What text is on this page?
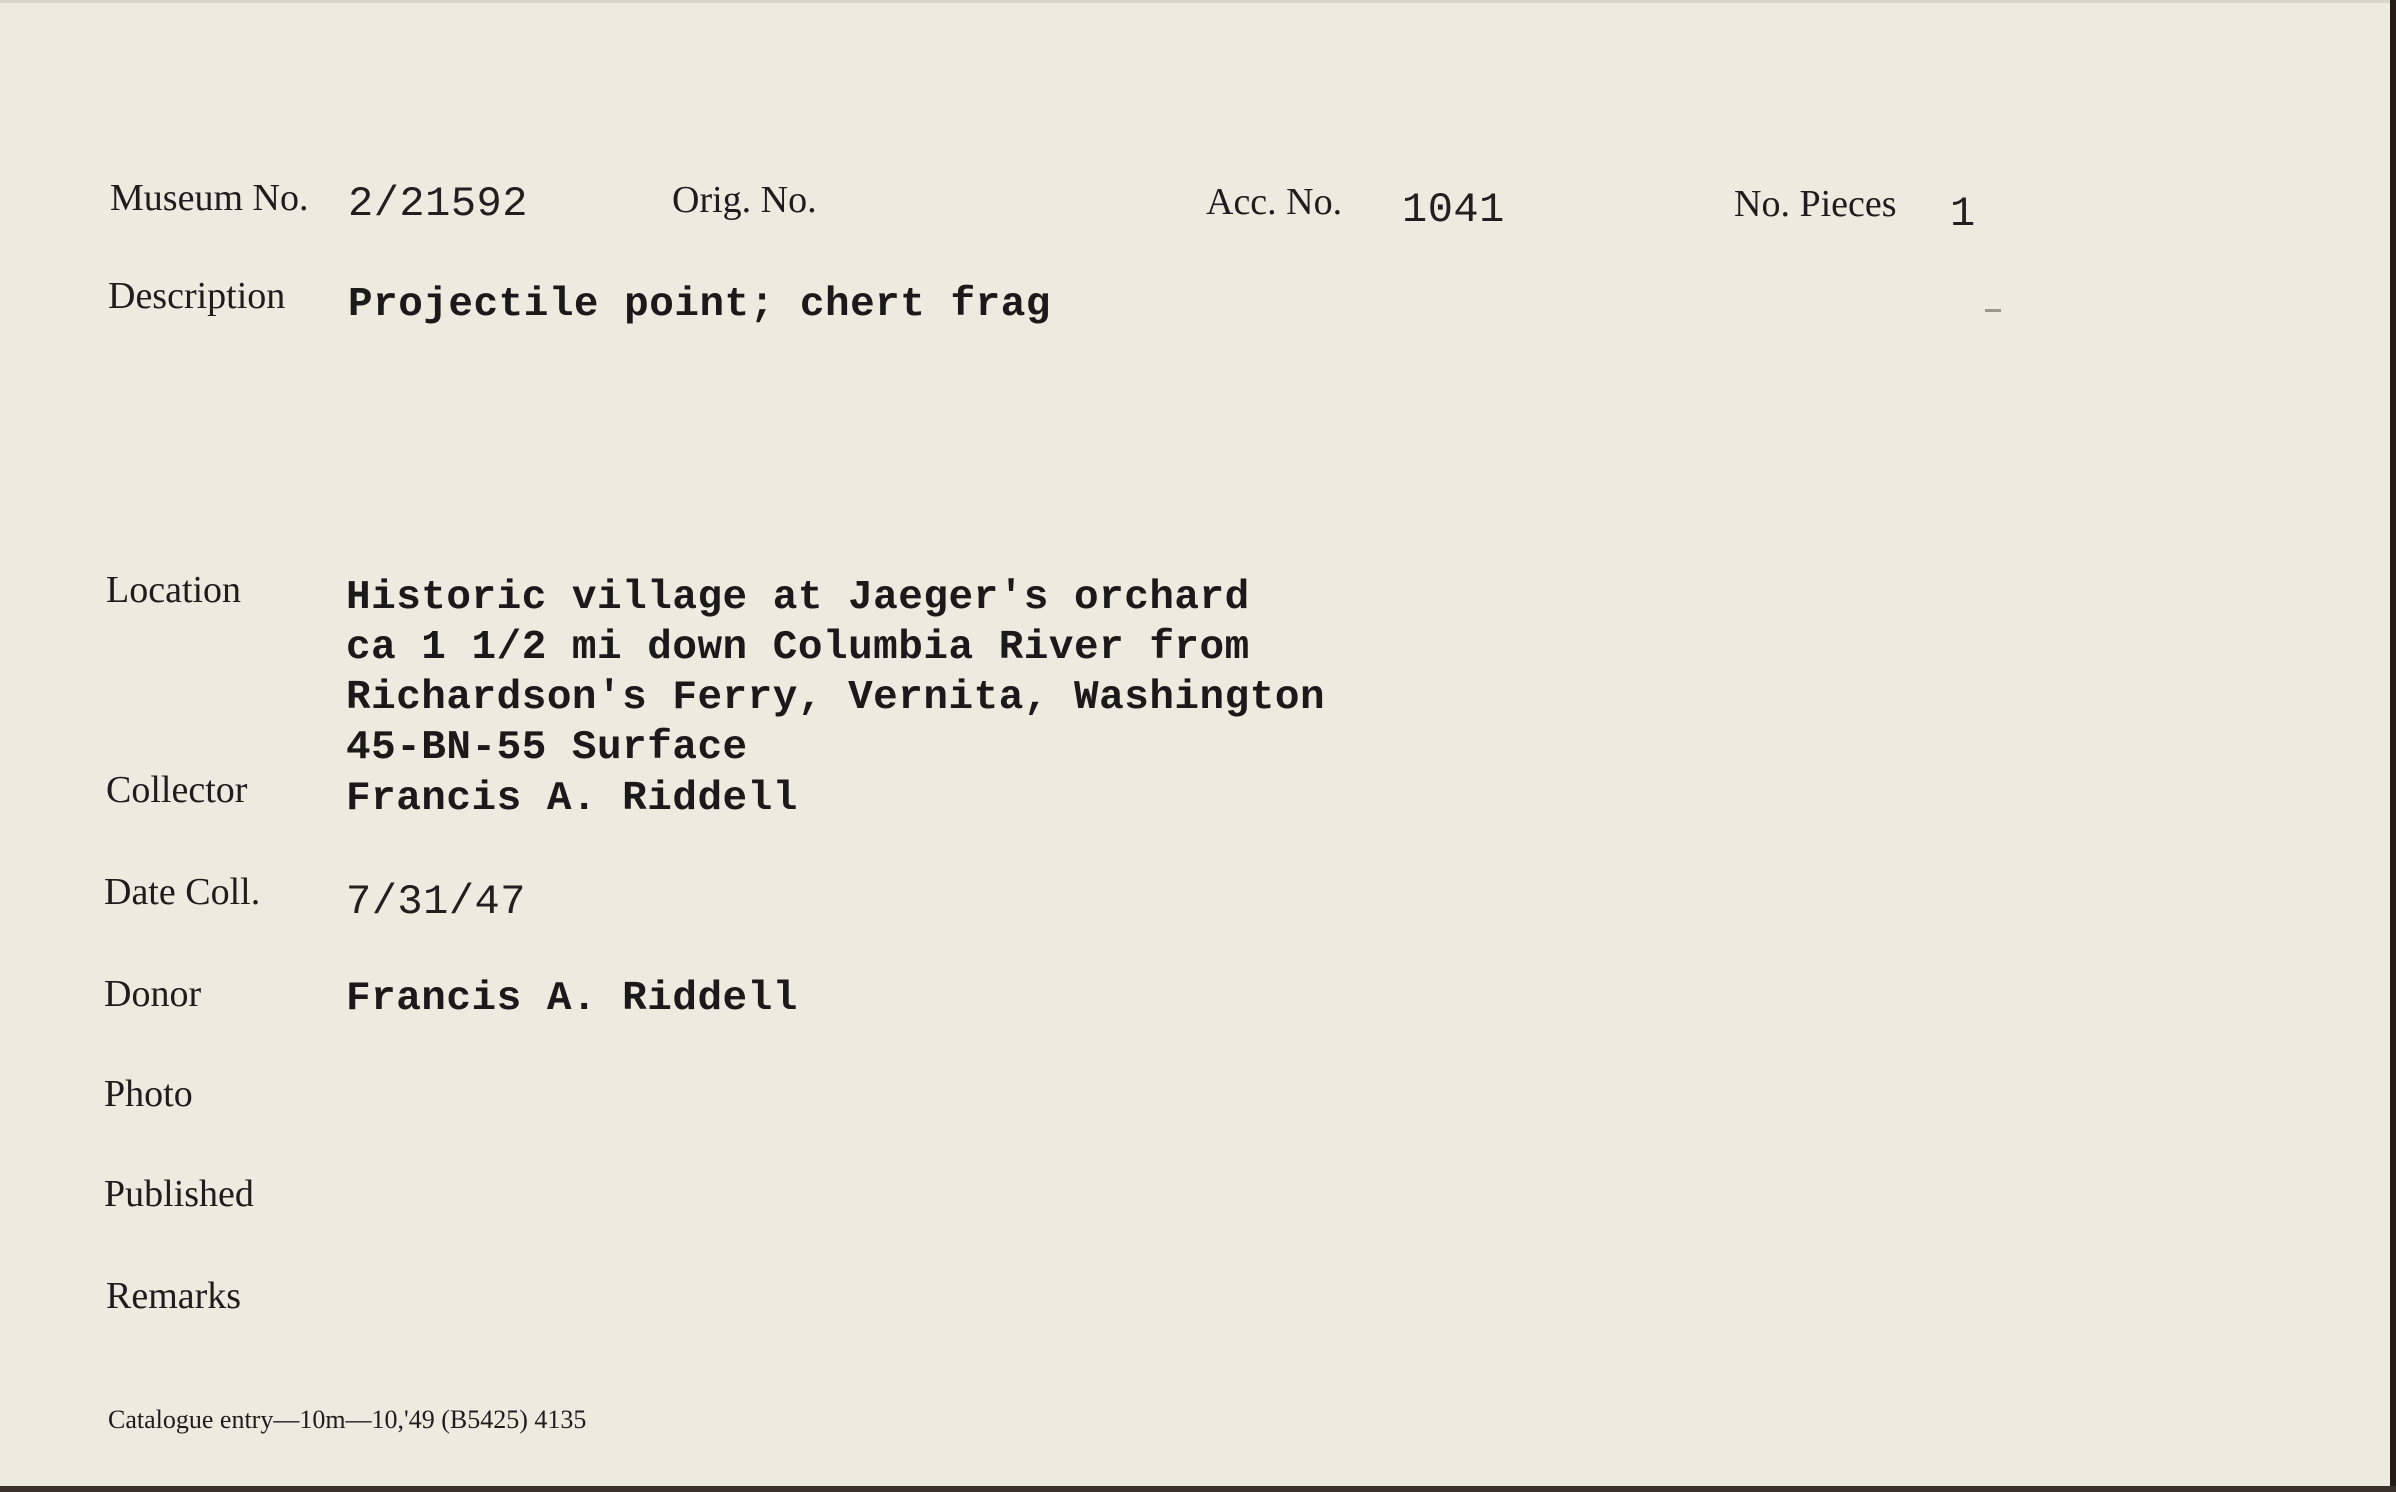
Museum No. 2/21592	Orig. No.	Acc. No. 1041	No. Pieces 1
Description Projectile point; chert frag
Location	Historic village at Jaeger's orchard
ca 1 1/2 mi down Columbia River from
Richardson's Ferry, Vernita, Washington
45-BN-55 Surface
Collector Francis A. Riddell
Date Coll. 7/31/47
Donor	Francis A. Riddell
Photo
Published
Remarks
Catalogue entry—10m—10,'49 (B5425) 4135
